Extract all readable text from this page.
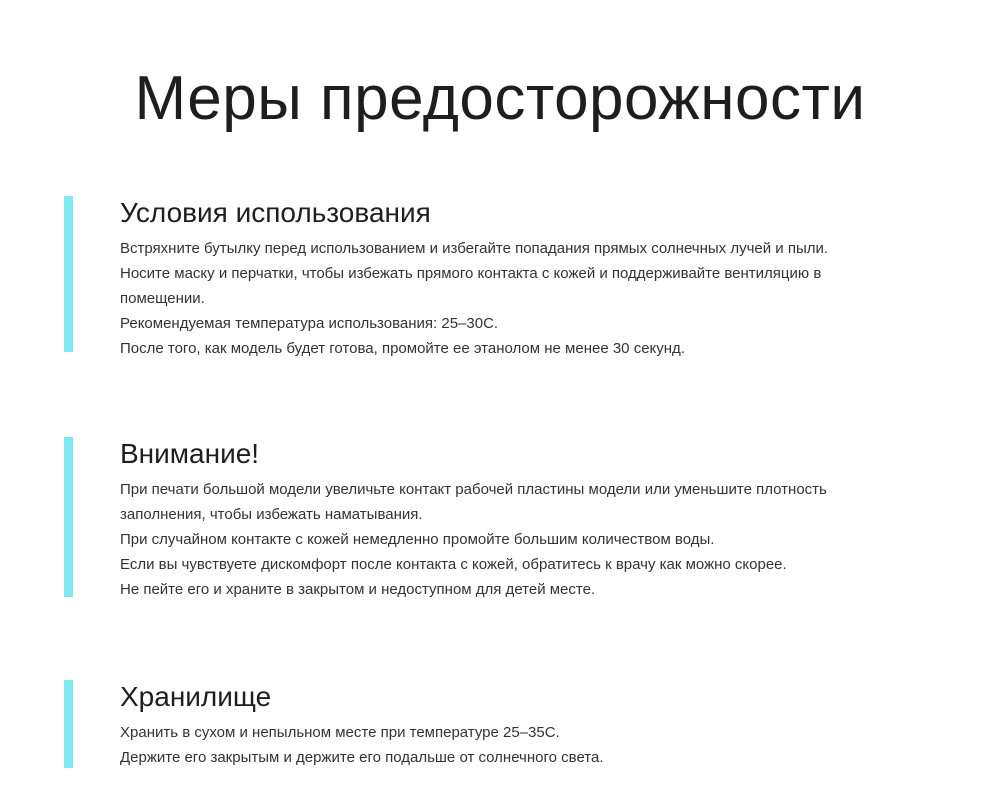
Меры предосторожности
Условия использования
Встряхните бутылку перед использованием и избегайте попадания прямых солнечных лучей и пыли.
Носите маску и перчатки, чтобы избежать прямого контакта с кожей и поддерживайте вентиляцию в
помещении.
Рекомендуемая температура использования: 25–30С.
После того, как модель будет готова, промойте ее этанолом не менее 30 секунд.
Внимание!
При печати большой модели увеличьте контакт рабочей пластины модели или уменьшите плотность
заполнения, чтобы избежать наматывания.
При случайном контакте с кожей немедленно промойте большим количеством воды.
Если вы чувствуете дискомфорт после контакта с кожей, обратитесь к врачу как можно скорее.
Не пейте его и храните в закрытом и недоступном для детей месте.
Хранилище
Хранить в сухом и непыльном месте при температуре 25–35С.
Держите его закрытым и держите его подальше от солнечного света.
